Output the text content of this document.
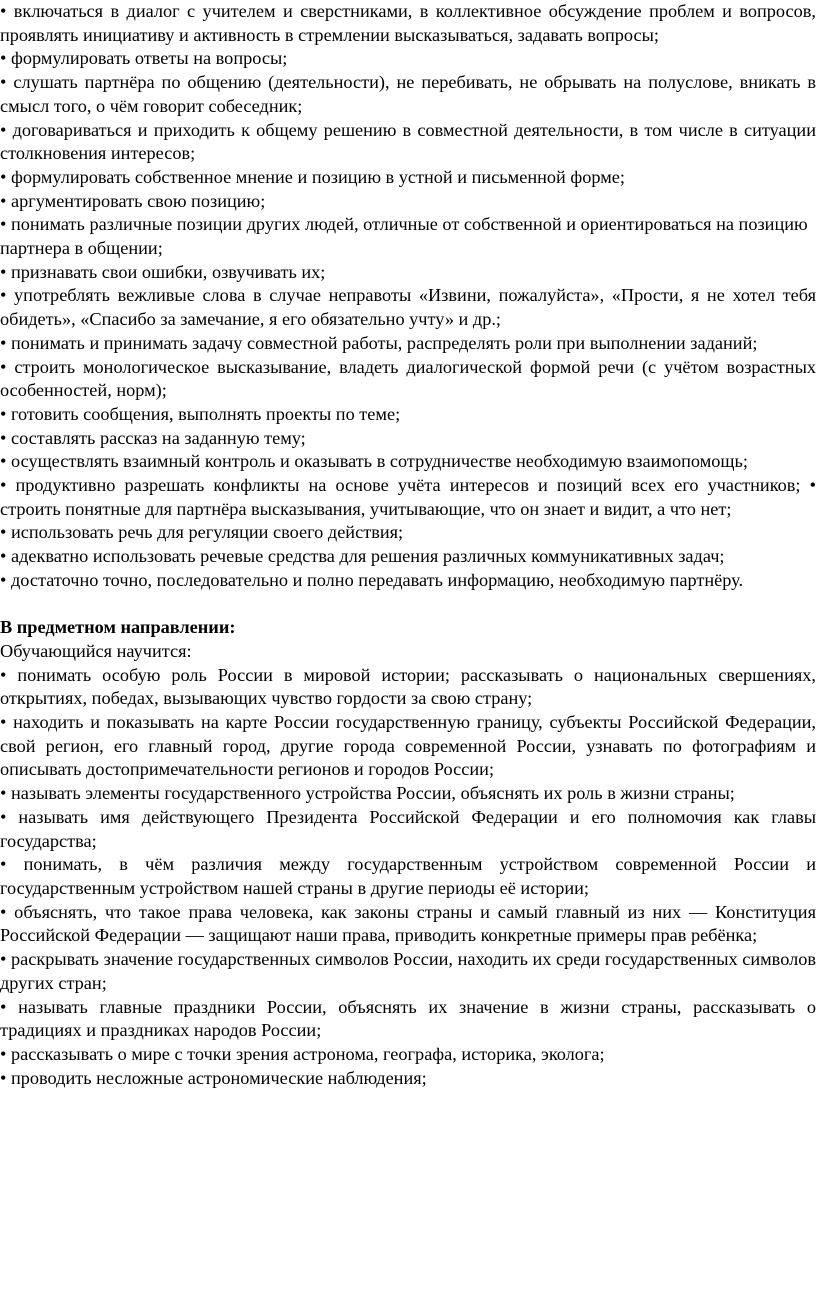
• включаться в диалог с учителем и сверстниками, в коллективное обсуждение проблем и вопросов, проявлять инициативу и активность в стремлении высказываться, задавать вопросы;

• формулировать ответы на вопросы;

• слушать партнёра по общению (деятельности), не перебивать, не обрывать на полуслове, вникать в смысл того, о чём говорит собеседник;

• договариваться и приходить к общему решению в совместной деятельности, в том числе в ситуации столкновения интересов;

• формулировать собственное мнение и позицию в устной и письменной форме;

• аргументировать свою позицию;

• понимать различные позиции других людей, отличные от собственной и ориентироваться на позицию партнера в общении;

• признавать свои ошибки, озвучивать их;

• употреблять вежливые слова в случае неправоты «Извини, пожалуйста», «Прости, я не хотел тебя обидеть», «Спасибо за замечание, я его обязательно учту» и др.;

• понимать и принимать задачу совместной работы, распределять роли при выполнении заданий;

• строить монологическое высказывание, владеть диалогической формой речи (с учётом возрастных особенностей, норм);

• готовить сообщения, выполнять проекты по теме;

• составлять рассказ на заданную тему;

• осуществлять взаимный контроль и оказывать в сотрудничестве необходимую взаимопомощь;

• продуктивно разрешать конфликты на основе учёта интересов и позиций всех его участников; • строить понятные для партнёра высказывания, учитывающие, что он знает и видит, а что нет;

• использовать речь для регуляции своего действия;

• адекватно использовать речевые средства для решения различных коммуникативных задач;

• достаточно точно, последовательно и полно передавать информацию, необходимую партнёру.

В предметном направлении:

Обучающийся научится:

• понимать особую роль России в мировой истории; рассказывать о национальных свершениях, открытиях, победах, вызывающих чувство гордости за свою страну;

• находить и показывать на карте России государственную границу, субъекты Российской Федерации, свой регион, его главный город, другие города современной России, узнавать по фотографиям и описывать достопримечательности регионов и городов России;

• называть элементы государственного устройства России, объяснять их роль в жизни страны;

• называть имя действующего Президента Российской Федерации и его полномочия как главы государства;

• понимать, в чём различия между государственным устройством современной России и государственным устройством нашей страны в другие периоды её истории;

• объяснять, что такое права человека, как законы страны и самый главный из них — Конституция Российской Федерации — защищают наши права, приводить конкретные примеры прав ребёнка;

• раскрывать значение государственных символов России, находить их среди государственных символов других стран;

• называть главные праздники России, объяснять их значение в жизни страны, рассказывать о традициях и праздниках народов России;

• рассказывать о мире с точки зрения астронома, географа, историка, эколога;

• проводить несложные астрономические наблюдения;
